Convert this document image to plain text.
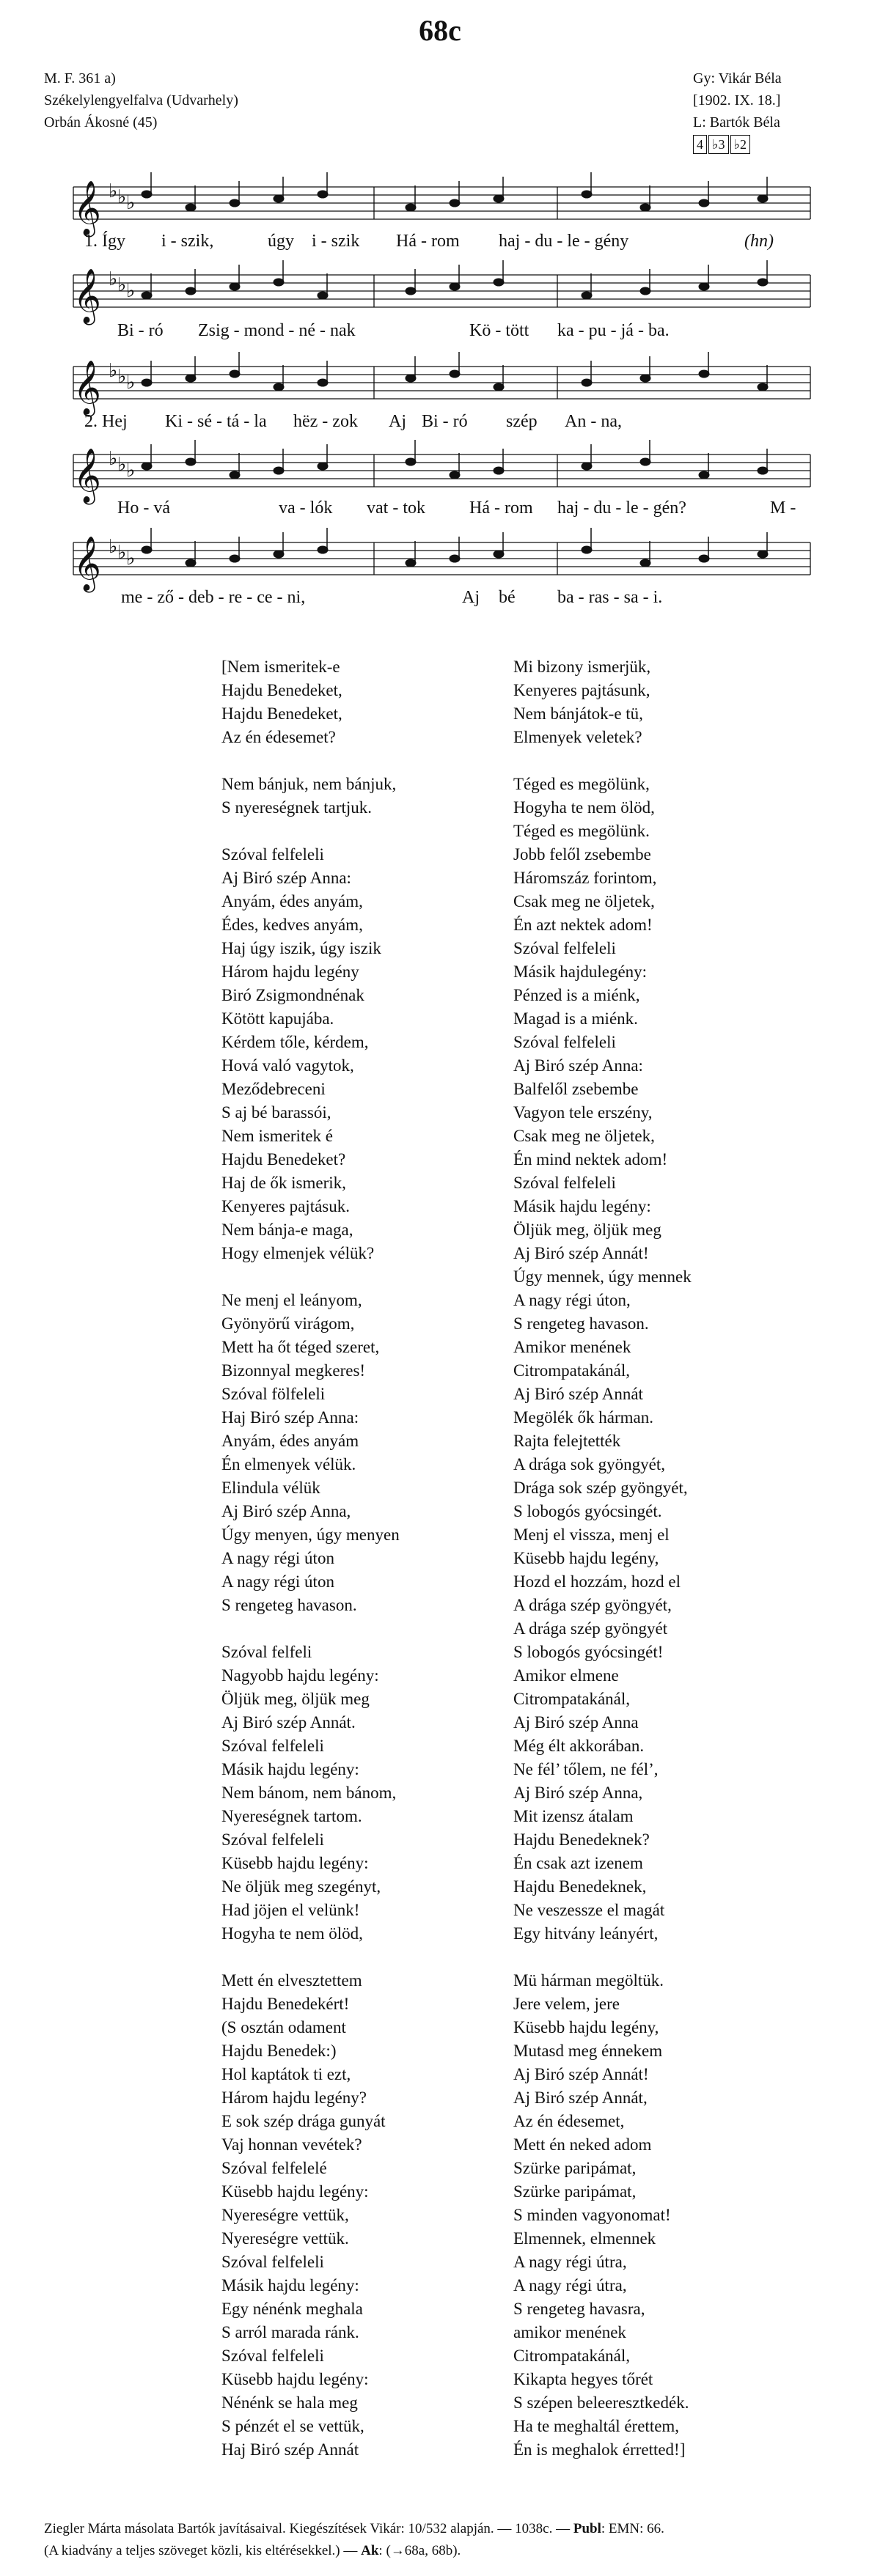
68c
M. F. 361 a)
Székelylengyelfalva (Udvarhely)
Orbán Ákosné (45)
Gy: Vikár Béla
[1902. IX. 18.]
L: Bartók Béla
4 ♭3 ♭2
𝄞 ♭ ♭ ♭
𝄞 ♭ ♭ ♭
𝄞 ♭ ♭ ♭
𝄞 ♭ ♭ ♭
𝄞 ♭ ♭ ♭
1. Így i - szik,	úgy i - szik Há - rom haj - du - le - gény	(hn)
Bi - ró Zsig - mond - né - nak	Kö - tött ka - pu - já - ba.
2. Hej Ki - sé - tá - la hëz - zok Aj Bi - ró szép An - na,
Ho - vá	va - lók vat - tok	Há - rom haj - du - le - gén?	M -
me - ző - deb - re - ce - ni,	Aj bé ba - ras - sa - i.
[Nem ismeritek-e
Hajdu Benedeket,
Hajdu Benedeket,
Az én édesemet?
Nem bánjuk, nem bánjuk,
S nyereségnek tartjuk.
Szóval felfeleli
Aj Biró szép Anna:
Anyám, édes anyám,
Édes, kedves anyám,
Haj úgy iszik, úgy iszik
Három hajdu legény
Biró Zsigmondnénak
Kötött kapujába.
Kérdem tőle, kérdem,
Hová való vagytok,
Meződebreceni
S aj bé barassói,
Nem ismeritek é
Hajdu Benedeket?
Haj de ők ismerik,
Kenyeres pajtásuk.
Nem bánja-e maga,
Hogy elmenjek vélük?
Ne menj el leányom,
Gyönyörű virágom,
Mett ha őt téged szeret,
Bizonnyal megkeres!
Szóval fölfeleli
Haj Biró szép Anna:
Anyám, édes anyám
Én elmenyek vélük.
Elindula vélük
Aj Biró szép Anna,
Úgy menyen, úgy menyen
A nagy régi úton
A nagy régi úton
S rengeteg havason.
Szóval felfeli
Nagyobb hajdu legény:
Öljük meg, öljük meg
Aj Biró szép Annát.
Szóval felfeleli
Másik hajdu legény:
Nem bánom, nem bánom,
Nyereségnek tartom.
Szóval felfeleli
Küsebb hajdu legény:
Ne öljük meg szegényt,
Had jöjen el velünk!
Hogyha te nem ölöd,
Mett én elvesztettem
Hajdu Benedekért!
(S osztán odament
Hajdu Benedek:)
Hol kaptátok ti ezt,
Három hajdu legény?
E sok szép drága gunyát
Vaj honnan vevétek?
Szóval felfelelé
Küsebb hajdu legény:
Nyereségre vettük,
Nyereségre vettük.
Szóval felfeleli
Másik hajdu legény:
Egy nénénk meghala
S arról marada ránk.
Szóval felfeleli
Küsebb hajdu legény:
Nénénk se hala meg
S pénzét el se vettük,
Haj Biró szép Annát
Mi bizony ismerjük,
Kenyeres pajtásunk,
Nem bánjátok-e tü,
Elmenyek veletek?
Téged es megölünk,
Hogyha te nem ölöd,
Téged es megölünk.
Jobb felől zsebembe
Háromszáz forintom,
Csak meg ne öljetek,
Én azt nektek adom!
Szóval felfeleli
Másik hajdulegény:
Pénzed is a miénk,
Magad is a miénk.
Szóval felfeleli
Aj Biró szép Anna:
Balfelől zsebembe
Vagyon tele erszény,
Csak meg ne öljetek,
Én mind nektek adom!
Szóval felfeleli
Másik hajdu legény:
Öljük meg, öljük meg
Aj Biró szép Annát!
Úgy mennek, úgy mennek
A nagy régi úton,
S rengeteg havason.
Amikor menének
Citrompatakánál,
Aj Biró szép Annát
Megölék ők hárman.
Rajta felejtették
A drága sok gyöngyét,
Drága sok szép gyöngyét,
S lobogós gyócsingét.
Menj el vissza, menj el
Küsebb hajdu legény,
Hozd el hozzám, hozd el
A drága szép gyöngyét,
A drága szép gyöngyét
S lobogós gyócsingét!
Amikor elmene
Citrompatakánál,
Aj Biró szép Anna
Még élt akkorában.
Ne fél’ tőlem, ne fél’,
Aj Biró szép Anna,
Mit izensz átalam
Hajdu Benedeknek?
Én csak azt izenem
Hajdu Benedeknek,
Ne veszessze el magát
Egy hitvány leányért,
Mü hárman megöltük.
Jere velem, jere
Küsebb hajdu legény,
Mutasd meg énnekem
Aj Biró szép Annát!
Aj Biró szép Annát,
Az én édesemet,
Mett én neked adom
Szürke paripámat,
Szürke paripámat,
S minden vagyonomat!
Elmennek, elmennek
A nagy régi útra,
A nagy régi útra,
S rengeteg havasra,
amikor menének
Citrompatakánál,
Kikapta hegyes tőrét
S szépen beleeresztkedék.
Ha te meghaltál érettem,
Én is meghalok érretted!]
Ziegler Márta másolata Bartók javításaival. Kiegészítések Vikár: 10/532 alapján. — 1038c. — Publ: EMN: 66.
(A kiadvány a teljes szöveget közli, kis eltérésekkel.) — Ak: (→68a, 68b).
